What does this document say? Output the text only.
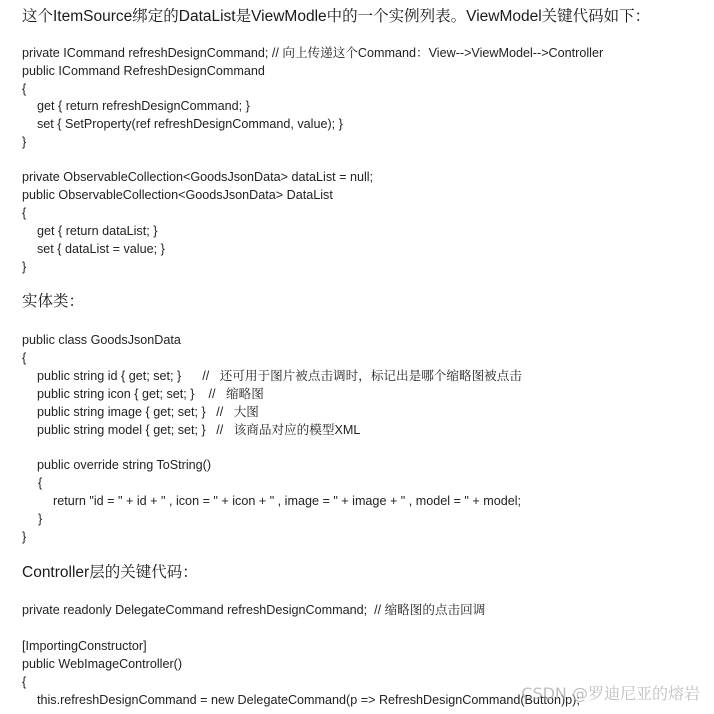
这个ItemSource绑定的DataList是ViewModle中的一个实例列表。ViewModel关键代码如下：
private ICommand refreshDesignCommand; // 向上传递这个Command：View-->ViewModel-->Controller
public ICommand RefreshDesignCommand
{
get { return refreshDesignCommand; }
set { SetProperty(ref refreshDesignCommand, value); }
}
private ObservableCollection<GoodsJsonData> dataList = null;
public ObservableCollection<GoodsJsonData> DataList
{
get { return dataList; }
set { dataList = value; }
}
实体类：
public class GoodsJsonData
{
public string id { get; set; }      //   还可用于图片被点击调时，标记出是哪个缩略图被点击
public string icon { get; set; }    //   缩略图
public string image { get; set; }   //   大图
public string model { get; set; }   //   该商品对应的模型XML
public override string ToString()
{
return "id = " + id + " , icon = " + icon + " , image = " + image + " , model = " + model;
}
}
Controller层的关键代码：
private readonly DelegateCommand refreshDesignCommand;  // 缩略图的点击回调
[ImportingConstructor]
public WebImageController()
{
this.refreshDesignCommand = new DelegateCommand(p => RefreshDesignCommand(Button)p);
CSDN @罗迪尼亚的熔岩
